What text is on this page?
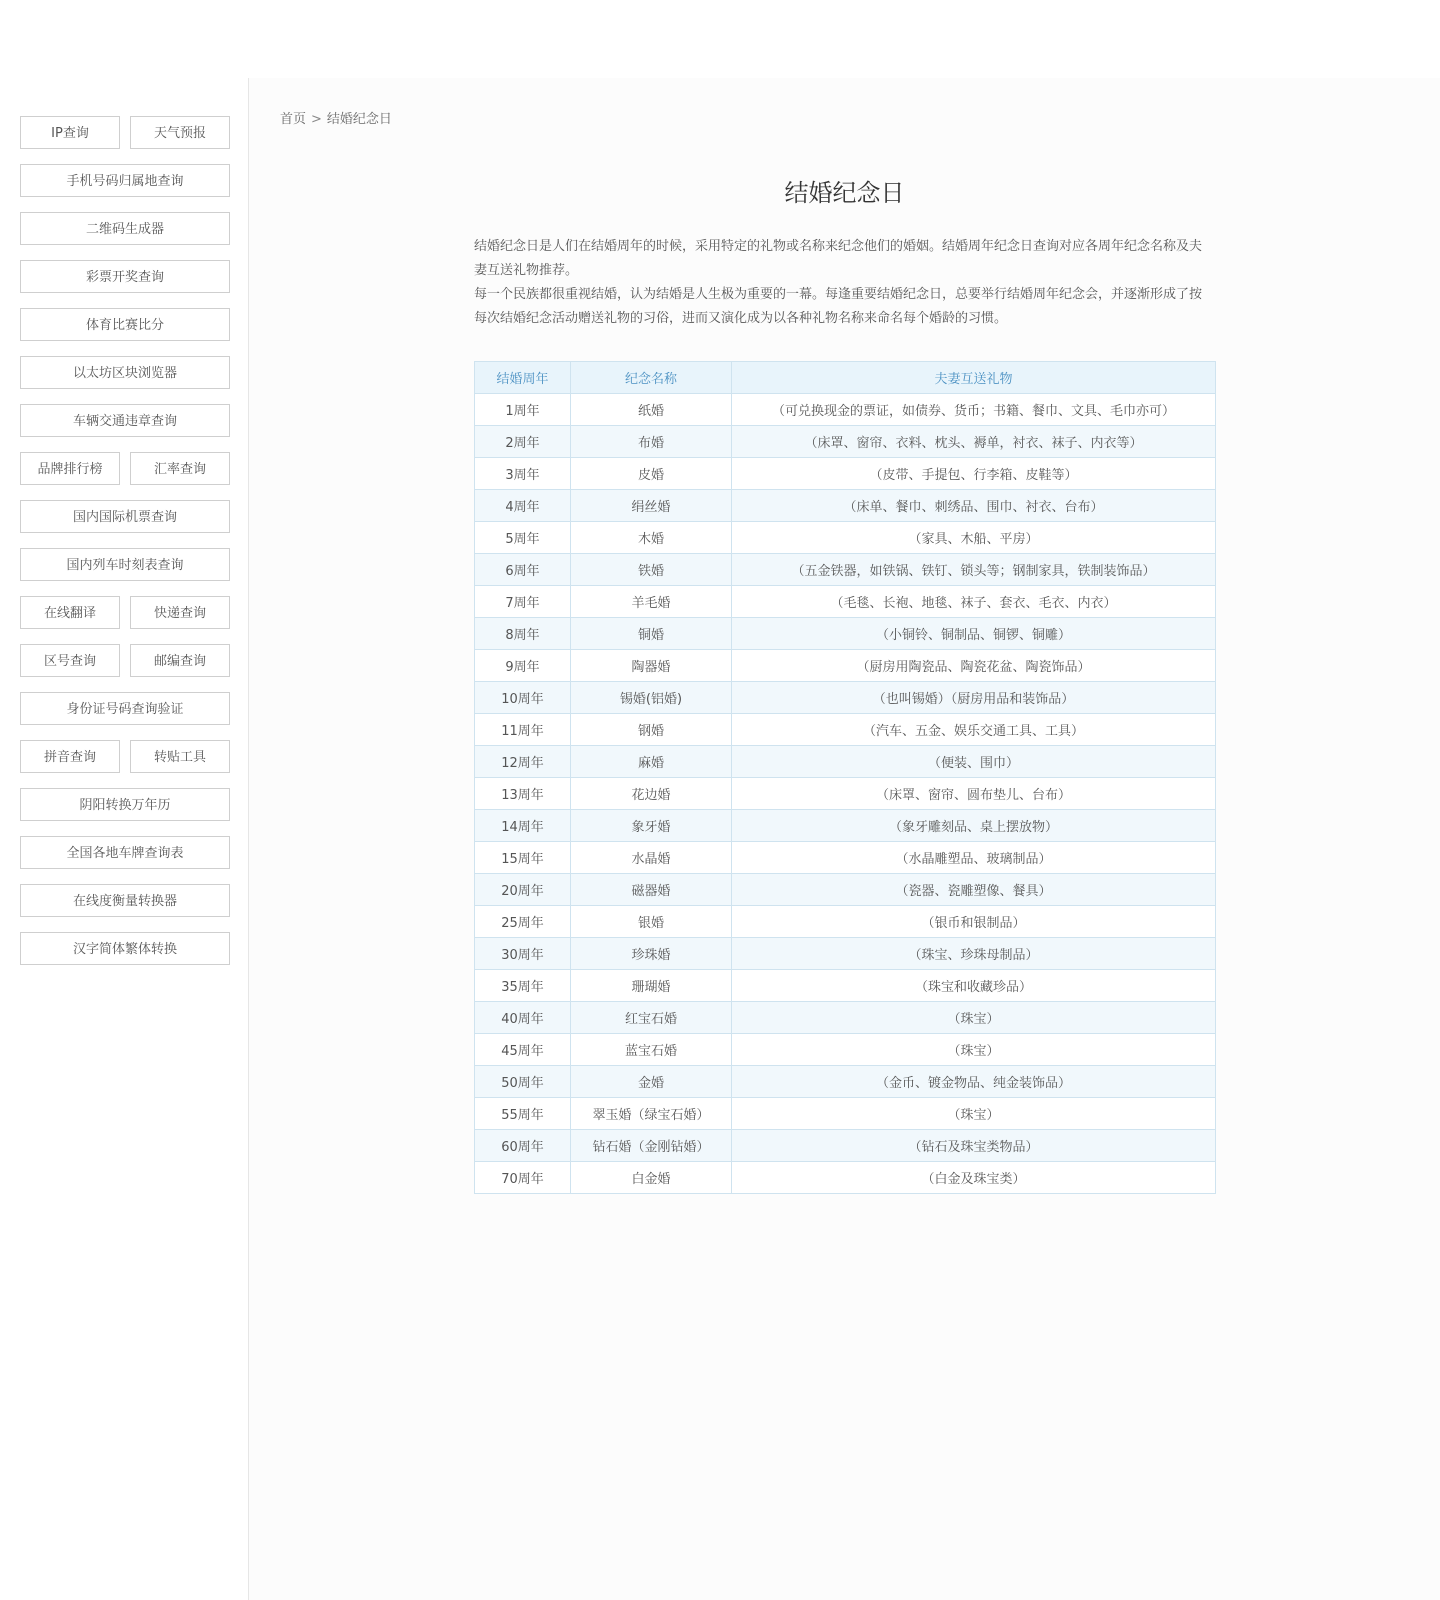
IP查询	天气预报
手机号码归属地查询
二维码生成器
彩票开奖查询
体育比赛比分
以太坊区块浏览器
车辆交通违章查询
品牌排行榜	汇率查询
国内国际机票查询
国内列车时刻表查询
在线翻译	快递查询
区号查询	邮编查询
身份证号码查询验证
拼音查询	转贴工具
阴阳转换万年历
全国各地车牌查询表
在线度衡量转换器
汉字简体繁体转换
首页 > 结婚纪念日
结婚纪念日

结婚纪念日是人们在结婚周年的时候，采用特定的礼物或名称来纪念他们的婚姻。结婚周年纪念日查询对应各周年纪念名称及夫妻互送礼物推荐。

每一个民族都很重视结婚，认为结婚是人生极为重要的一幕。每逢重要结婚纪念日，总要举行结婚周年纪念会，并逐渐形成了按每次结婚纪念活动赠送礼物的习俗，进而又演化成为以各种礼物名称来命名每个婚龄的习惯。

结婚周年	纪念名称	夫妻互送礼物
1周年	纸婚	（可兑换现金的票证，如债券、货币；书籍、餐巾、文具、毛巾亦可）
2周年	布婚	（床罩、窗帘、衣料、枕头、褥单，衬衣、袜子、内衣等）
3周年	皮婚	（皮带、手提包、行李箱、皮鞋等）
4周年	绢丝婚	（床单、餐巾、刺绣品、围巾、衬衣、台布）
5周年	木婚	（家具、木船、平房）
6周年	铁婚	（五金铁器，如铁锅、铁钉、锁头等；钢制家具，铁制装饰品）
7周年	羊毛婚	（毛毯、长袍、地毯、袜子、套衣、毛衣、内衣）
8周年	铜婚	（小铜铃、铜制品、铜锣、铜雕）
9周年	陶器婚	（厨房用陶瓷品、陶瓷花盆、陶瓷饰品）
10周年	锡婚(铝婚)	（也叫锡婚）（厨房用品和装饰品）
11周年	钢婚	（汽车、五金、娱乐交通工具、工具）
12周年	麻婚	（便装、围巾）
13周年	花边婚	（床罩、窗帘、圆布垫儿、台布）
14周年	象牙婚	（象牙雕刻品、桌上摆放物）
15周年	水晶婚	（水晶雕塑品、玻璃制品）
20周年	磁器婚	（瓷器、瓷雕塑像、餐具）
25周年	银婚	（银币和银制品）
30周年	珍珠婚	（珠宝、珍珠母制品）
35周年	珊瑚婚	（珠宝和收藏珍品）
40周年	红宝石婚	（珠宝）
45周年	蓝宝石婚	（珠宝）
50周年	金婚	（金币、镀金物品、纯金装饰品）
55周年	翠玉婚（绿宝石婚）	（珠宝）
60周年	钻石婚（金刚钻婚）	（钻石及珠宝类物品）
70周年	白金婚	（白金及珠宝类）
